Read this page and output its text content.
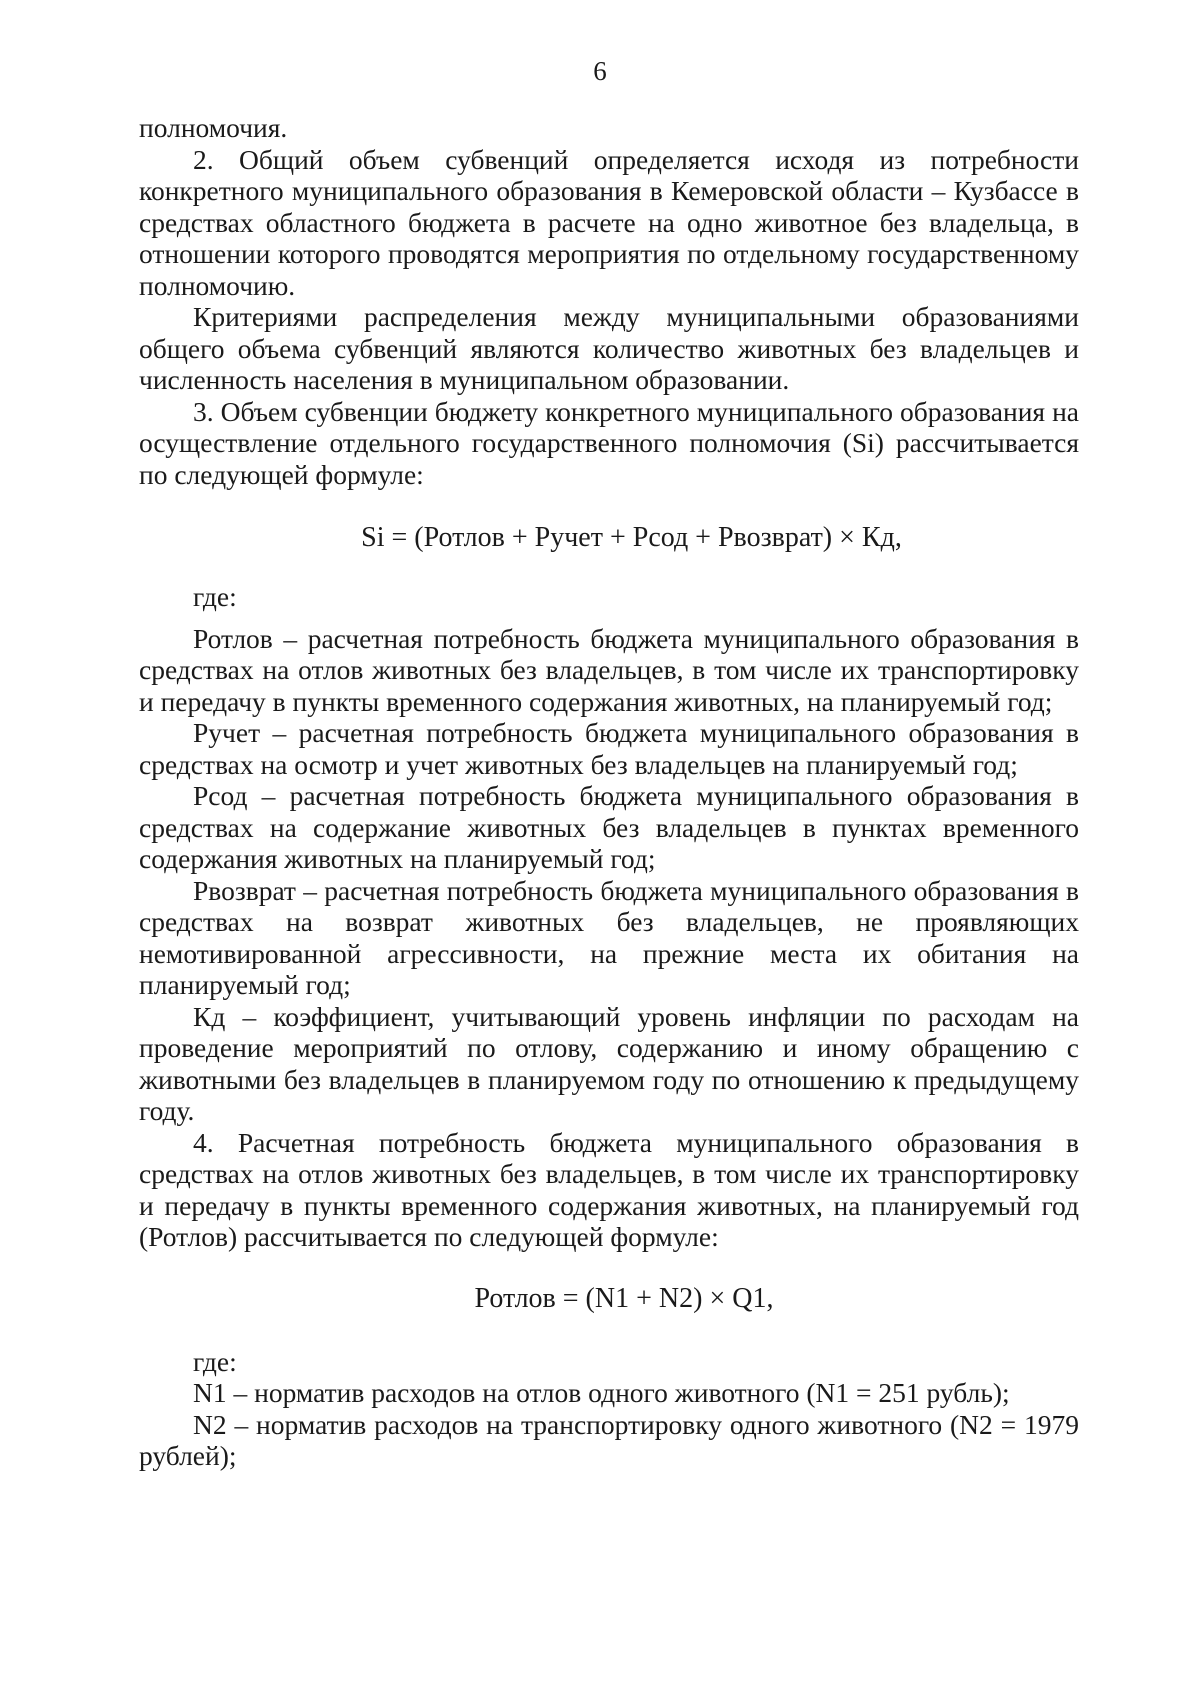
6

полномочия.

2. Общий объем субвенций определяется исходя из потребности конкретного муниципального образования в Кемеровской области – Кузбассе в средствах областного бюджета в расчете на одно животное без владельца, в отношении которого проводятся мероприятия по отдельному государственному полномочию.

Критериями распределения между муниципальными образованиями общего объема субвенций являются количество животных без владельцев и численность населения в муниципальном образовании.

3. Объем субвенции бюджету конкретного муниципального образования на осуществление отдельного государственного полномочия (Si) рассчитывается по следующей формуле:

Si = (Ротлов + Ручет + Рсод + Рвозврат) × Кд,

где:

Ротлов – расчетная потребность бюджета муниципального образования в средствах на отлов животных без владельцев, в том числе их транспортировку и передачу в пункты временного содержания животных, на планируемый год;

Ручет – расчетная потребность бюджета муниципального образования в средствах на осмотр и учет животных без владельцев на планируемый год;

Рсод – расчетная потребность бюджета муниципального образования в средствах на содержание животных без владельцев в пунктах временного содержания животных на планируемый год;

Рвозврат – расчетная потребность бюджета муниципального образования в средствах на возврат животных без владельцев, не проявляющих немотивированной агрессивности, на прежние места их обитания на планируемый год;

Кд – коэффициент, учитывающий уровень инфляции по расходам на проведение мероприятий по отлову, содержанию и иному обращению с животными без владельцев в планируемом году по отношению к предыдущему году.

4. Расчетная потребность бюджета муниципального образования в средствах на отлов животных без владельцев, в том числе их транспортировку и передачу в пункты временного содержания животных, на планируемый год (Ротлов) рассчитывается по следующей формуле:

Ротлов = (N1 + N2) × Q1,

где:

N1 – норматив расходов на отлов одного животного (N1 = 251 рубль);

N2 – норматив расходов на транспортировку одного животного (N2 = 1979 рублей);
